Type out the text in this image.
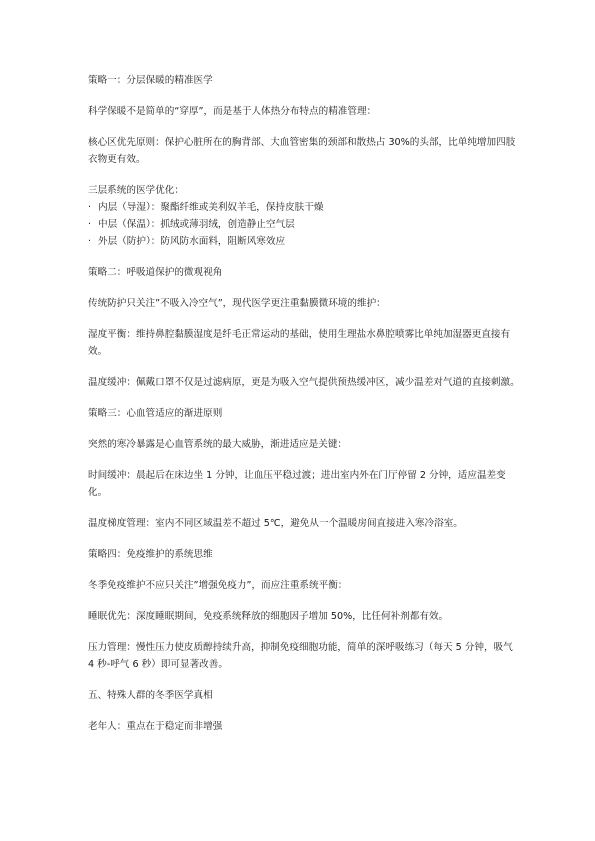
策略一：分层保暖的精准医学

科学保暖不是简单的“穿厚”，而是基于人体热分布特点的精准管理：

核心区优先原则：保护心脏所在的胸背部、大血管密集的颈部和散热占 30%的头部，比单纯增加四肢衣物更有效。

三层系统的医学优化：

· 内层（导湿）：聚酯纤维或美利奴羊毛，保持皮肤干燥
· 中层（保温）：抓绒或薄羽绒，创造静止空气层
· 外层（防护）：防风防水面料，阻断风寒效应

策略二：呼吸道保护的微观视角

传统防护只关注”不吸入冷空气”，现代医学更注重黏膜微环境的维护：

湿度平衡：维持鼻腔黏膜湿度是纤毛正常运动的基础，使用生理盐水鼻腔喷雾比单纯加湿器更直接有效。

温度缓冲：佩戴口罩不仅是过滤病原，更是为吸入空气提供预热缓冲区，减少温差对气道的直接刺激。

策略三：心血管适应的渐进原则

突然的寒冷暴露是心血管系统的最大威胁，渐进适应是关键：

时间缓冲：晨起后在床边坐 1 分钟，让血压平稳过渡；进出室内外在门厅停留 2 分钟，适应温差变化。

温度梯度管理：室内不同区域温差不超过 5℃，避免从一个温暖房间直接进入寒冷浴室。

策略四：免疫维护的系统思维

冬季免疫维护不应只关注”增强免疫力”，而应注重系统平衡：

睡眠优先：深度睡眠期间，免疫系统释放的细胞因子增加 50%，比任何补剂都有效。

压力管理：慢性压力使皮质醇持续升高，抑制免疫细胞功能，简单的深呼吸练习（每天 5 分钟，吸气 4 秒-呼气 6 秒）即可显著改善。

五、特殊人群的冬季医学真相

老年人：重点在于稳定而非增强
